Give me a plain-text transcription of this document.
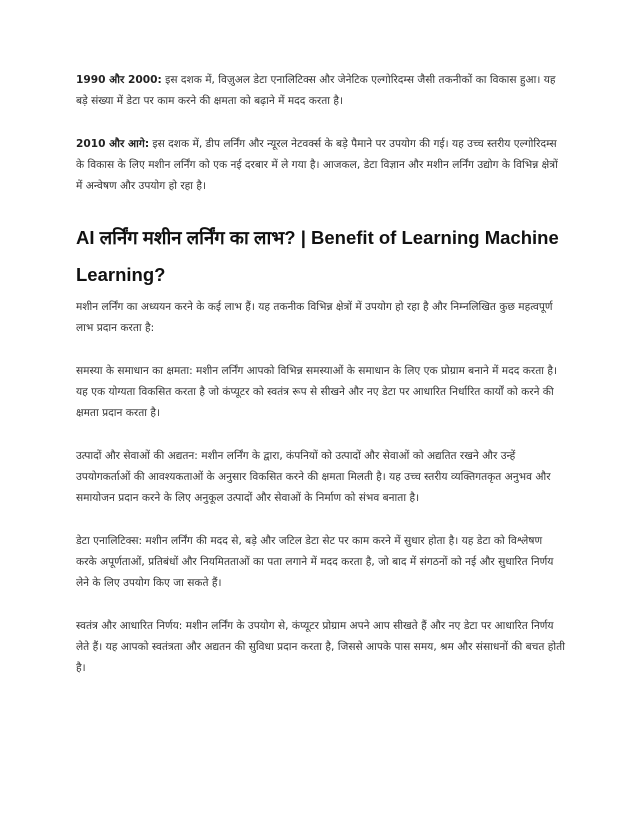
1990 और 2000: इस दशक में, विज़ुअल डेटा एनालिटिक्स और जेनेटिक एल्गोरिदम्स जैसी तकनीकों का विकास हुआ। यह बड़े संख्या में डेटा पर काम करने की क्षमता को बढ़ाने में मदद करता है।

2010 और आगे: इस दशक में, डीप लर्निंग और न्यूरल नेटवर्क्स के बड़े पैमाने पर उपयोग की गई। यह उच्च स्तरीय एल्गोरिदम्स के विकास के लिए मशीन लर्निंग को एक नई दरबार में ले गया है। आजकल, डेटा विज्ञान और मशीन लर्निंग उद्योग के विभिन्न क्षेत्रों में अन्वेषण और उपयोग हो रहा है।

AI लर्निंग मशीन लर्निंग का लाभ? | Benefit of Learning Machine Learning?

मशीन लर्निंग का अध्ययन करने के कई लाभ हैं। यह तकनीक विभिन्न क्षेत्रों में उपयोग हो रहा है और निम्नलिखित कुछ महत्वपूर्ण लाभ प्रदान करता है:

समस्या के समाधान का क्षमता: मशीन लर्निंग आपको विभिन्न समस्याओं के समाधान के लिए एक प्रोग्राम बनाने में मदद करता है। यह एक योग्यता विकसित करता है जो कंप्यूटर को स्वतंत्र रूप से सीखने और नए डेटा पर आधारित निर्धारित कार्यों को करने की क्षमता प्रदान करता है।

उत्पादों और सेवाओं की अद्यतन: मशीन लर्निंग के द्वारा, कंपनियों को उत्पादों और सेवाओं को अद्यतित रखने और उन्हें उपयोगकर्ताओं की आवश्यकताओं के अनुसार विकसित करने की क्षमता मिलती है। यह उच्च स्तरीय व्यक्तिगतकृत अनुभव और समायोजन प्रदान करने के लिए अनुकूल उत्पादों और सेवाओं के निर्माण को संभव बनाता है।

डेटा एनालिटिक्स: मशीन लर्निंग की मदद से, बड़े और जटिल डेटा सेट पर काम करने में सुधार होता है। यह डेटा को विश्लेषण करके अपूर्णताओं, प्रतिबंधों और नियमितताओं का पता लगाने में मदद करता है, जो बाद में संगठनों को नई और सुधारित निर्णय लेने के लिए उपयोग किए जा सकते हैं।

स्वतंत्र और आधारित निर्णय: मशीन लर्निंग के उपयोग से, कंप्यूटर प्रोग्राम अपने आप सीखते हैं और नए डेटा पर आधारित निर्णय लेते हैं। यह आपको स्वतंत्रता और अद्यतन की सुविधा प्रदान करता है, जिससे आपके पास समय, श्रम और संसाधनों की बचत होती है।
